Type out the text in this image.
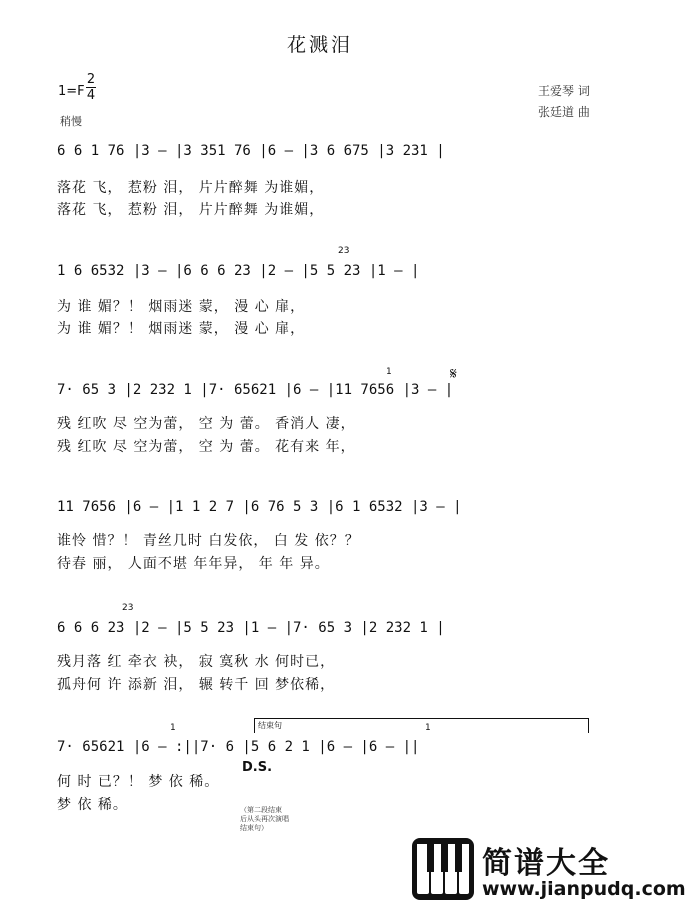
花溅泪
1=F
2
4	王爱琴 词
张廷道 曲
稍慢
6 6 1 76 |3 — |3 351 76 |6 — |3 6 675 |3 231 |
落花 飞， 惹粉 泪， 片片醉舞 为谁媚，
落花 飞， 惹粉 泪， 片片醉舞 为谁媚，
1 6 6532 |3 — |6 6 6 23 |2 — |5 5 23 |1 — |
23
为 谁 媚？！ 烟雨迷 蒙， 漫 心 扉，
为 谁 媚？！ 烟雨迷 蒙， 漫 心 扉，
7· 65 3 |2 232 1 |7· 65621 |6 — |11 7656 |3 — |
1	𝄋
残 红吹 尽 空为蕾， 空 为 蕾。 香消人 凄，
残 红吹 尽 空为蕾， 空 为 蕾。 花有来 年，
11 7656 |6 — |1 1 2 7 |6 76 5 3 |6 1 6532 |3 — |
谁怜 惜？！ 青丝几时 白发依， 白 发 依？？
待春 丽， 人面不堪 年年异， 年 年 异。
6 6 6 23 |2 — |5 5 23 |1 — |7· 65 3 |2 232 1 |
23
残月落 红 牵衣 袂， 寂 寞秋 水 何时已，
孤舟何 许 添新 泪， 辗 转千 回 梦依稀，
结束句
7· 65621 |6 — :||7· 6 |5 6 2 1 |6 — |6 — ||
1	1
D.S.
何 时 已？！ 梦 依 稀。
梦 依 稀。	（第二段结束
后从头再次演唱
结束句）
简谱大全
www.jianpudq.com
